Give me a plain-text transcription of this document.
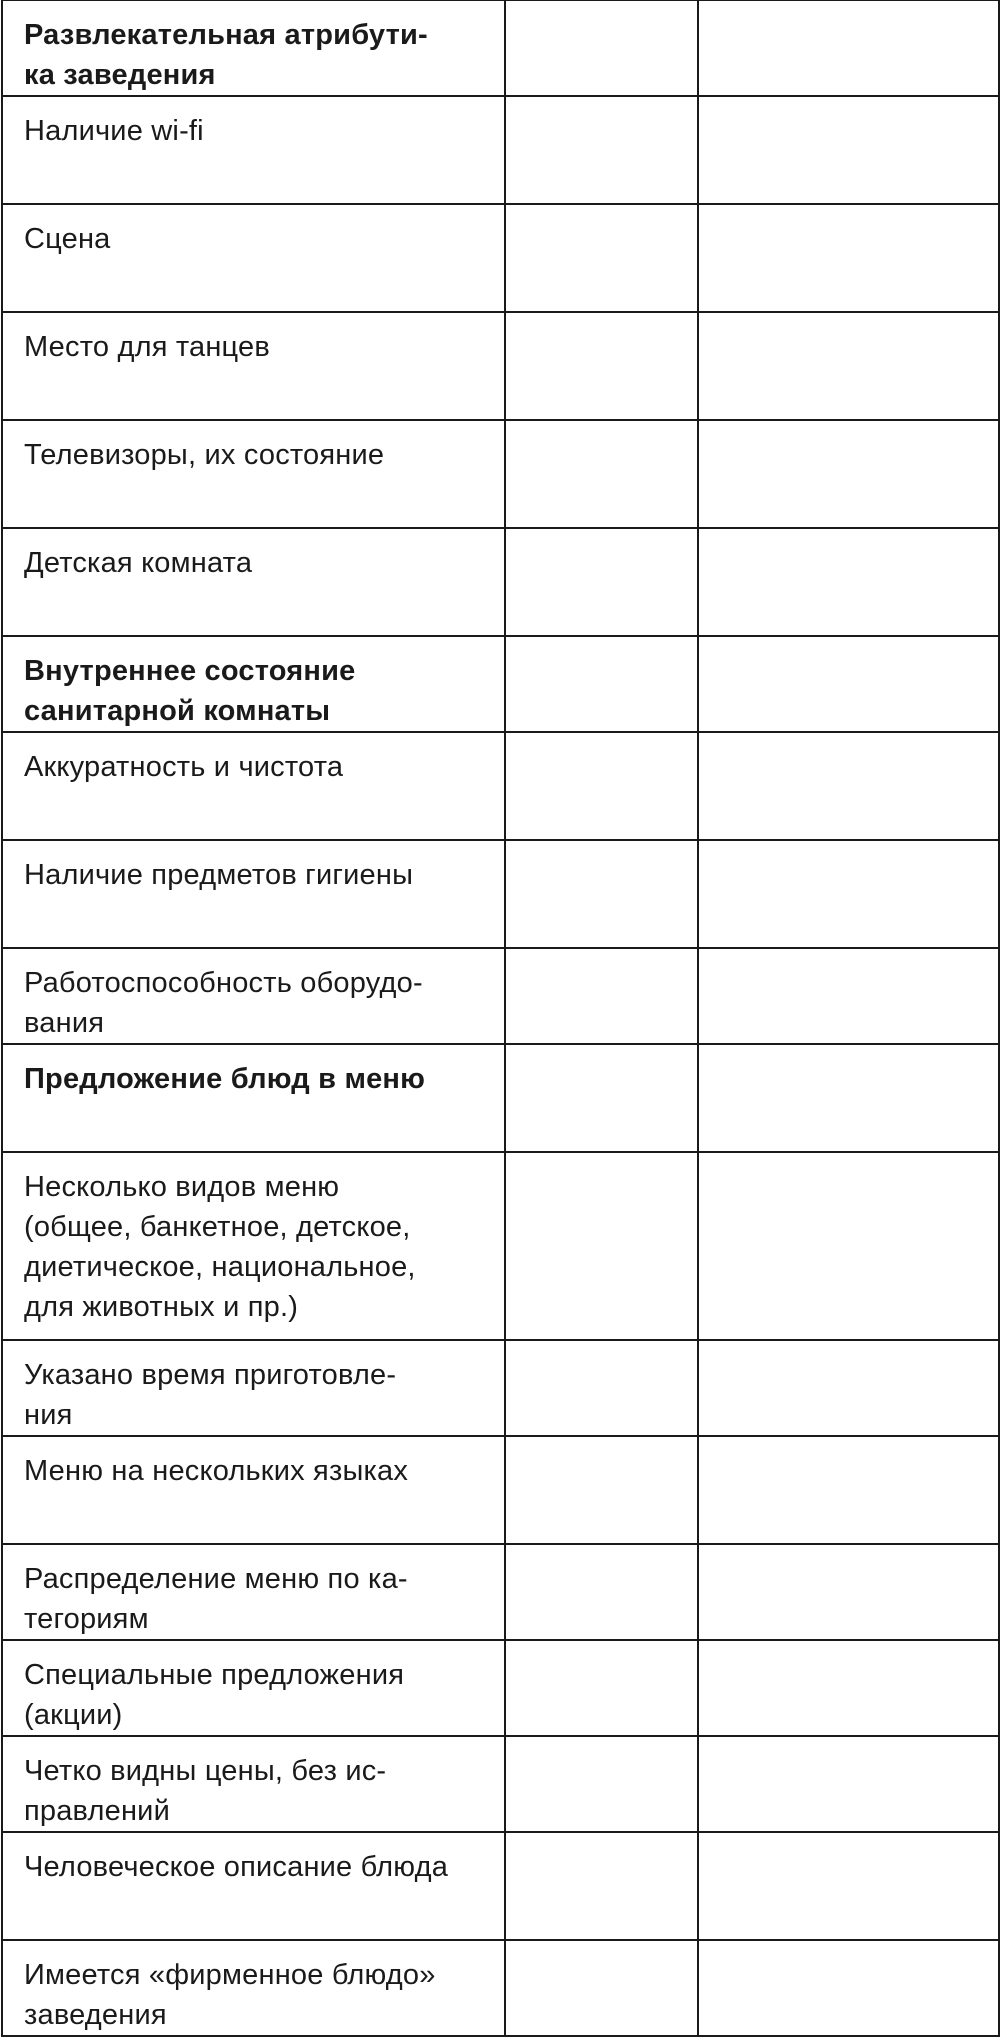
Развлекательная атрибути-
ка заведения		

Наличие wi-fi		

Сцена		

Место для танцев		

Телевизоры, их состояние		

Детская комната		

Внутреннее состояние
санитарной комнаты		

Аккуратность и чистота		

Наличие предметов гигиены		

Работоспособность оборудо-
вания		

Предложение блюд в меню		

Несколько видов меню
(общее, банкетное, детское,
диетическое, национальное,
для животных и пр.)		

Указано время приготовле-
ния		

Меню на нескольких языках		

Распределение меню по ка-
тегориям		

Специальные предложения
(акции)		

Четко видны цены, без ис-
правлений		

Человеческое описание блюда		

Имеется «фирменное блюдо»
заведения		
